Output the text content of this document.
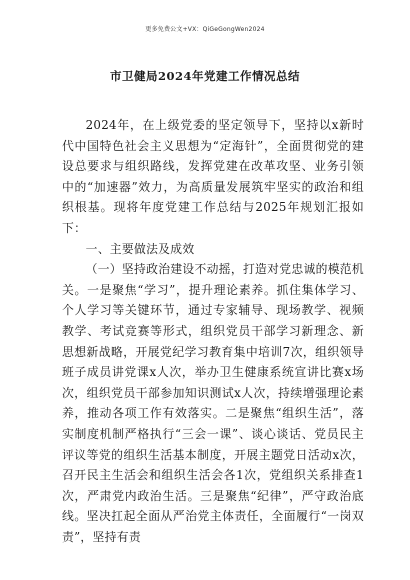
更多免费公文+VX：QiGeGongWen2024
市卫健局2024年党建工作情况总结

2024年，在上级党委的坚定领导下，坚持以x新时代中国特色社会主义思想为“定海针”，全面贯彻党的建设总要求与组织路线，发挥党建在改革攻坚、业务引领中的“加速器”效力，为高质量发展筑牢坚实的政治和组织根基。现将年度党建工作总结与2025年规划汇报如下：

一、主要做法及成效

（一）坚持政治建设不动摇，打造对党忠诚的模范机关。一是聚焦“学习”，提升理论素养。抓住集体学习、个人学习等关键环节，通过专家辅导、现场教学、视频教学、考试竞赛等形式，组织党员干部学习新理念、新思想新战略，开展党纪学习教育集中培训7次，组织领导班子成员讲党课x人次，举办卫生健康系统宣讲比赛x场次，组织党员干部参加知识测试x人次，持续增强理论素养，推动各项工作有效落实。二是聚焦“组织生活”，落实制度机制严格执行“三会一课”、谈心谈话、党员民主评议等党的组织生活基本制度，开展主题党日活动x次，召开民主生活会和组织生活会各1次，党组织关系排查1次，严肃党内政治生活。三是聚焦“纪律”，严守政治底线。坚决扛起全面从严治党主体责任，全面履行“一岗双责”，坚持有责
